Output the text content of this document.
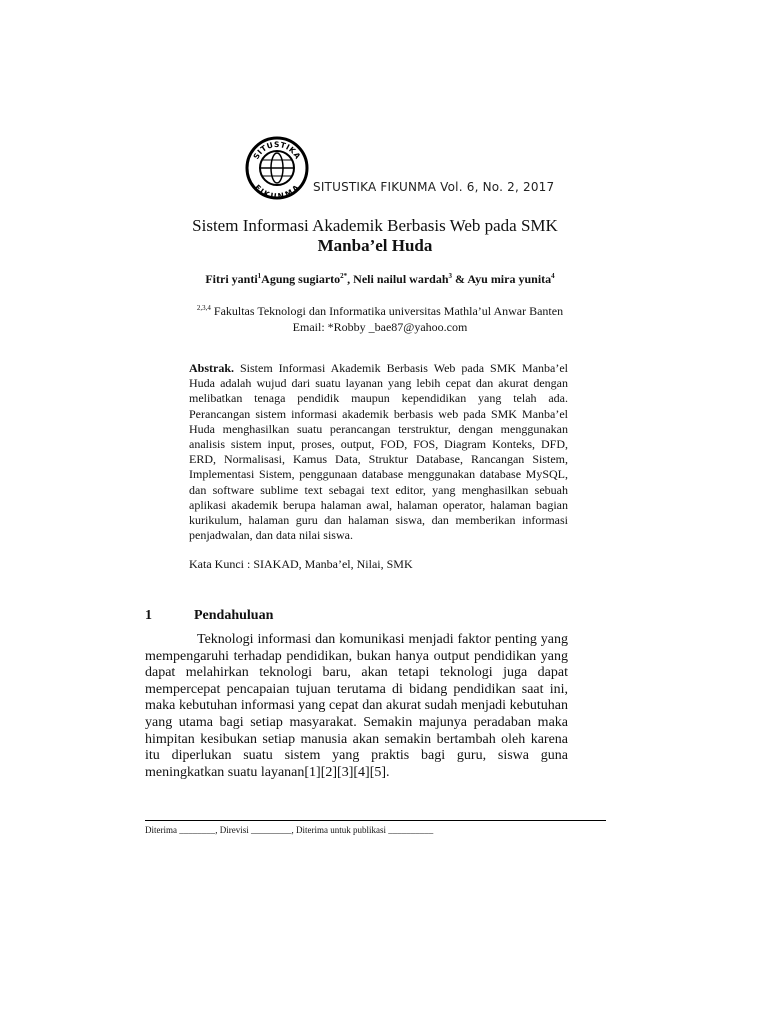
SITUSTIKA
FIKUNMA SITUSTIKA FIKUNMA Vol. 6, No. 2, 2017
Sistem Informasi Akademik Berbasis Web pada SMK
Manba’el Huda
Fitri yanti$^1$Agung sugiarto$^{2*}$, Neli nailul wardah$^3$ & Ayu mira yunita$^4$
$^{2,3,4}$ Fakultas Teknologi dan Informatika universitas Mathla’ul Anwar Banten
Email: *Robby _bae87@yahoo.com
Abstrak. Sistem Informasi Akademik Berbasis Web pada SMK Manba’el Huda adalah wujud dari suatu layanan yang lebih cepat dan akurat dengan melibatkan tenaga pendidik maupun kependidikan yang telah ada. Perancangan sistem informasi akademik berbasis web pada SMK Manba’el Huda menghasilkan suatu perancangan terstruktur, dengan menggunakan analisis sistem input, proses, output, FOD, FOS, Diagram Konteks, DFD, ERD, Normalisasi, Kamus Data, Struktur Database, Rancangan Sistem, Implementasi Sistem, penggunaan database menggunakan database MySQL, dan software sublime text sebagai text editor, yang menghasilkan sebuah aplikasi akademik berupa halaman awal, halaman operator, halaman bagian kurikulum, halaman guru dan halaman siswa, dan memberikan informasi penjadwalan, dan data nilai siswa.
Kata Kunci : SIAKAD, Manba’el, Nilai, SMK
1	Pendahuluan
Teknologi informasi dan komunikasi menjadi faktor penting yang mempengaruhi terhadap pendidikan, bukan hanya output pendidikan yang dapat melahirkan teknologi baru, akan tetapi teknologi juga dapat mempercepat pencapaian tujuan terutama di bidang pendidikan saat ini, maka kebutuhan informasi yang cepat dan akurat sudah menjadi kebutuhan yang utama bagi setiap masyarakat. Semakin majunya peradaban maka himpitan kesibukan setiap manusia akan semakin bertambah oleh karena itu diperlukan suatu sistem yang praktis bagi guru, siswa guna meningkatkan suatu layanan[1][2][3][4][5].
Diterima ________, Direvisi _________, Diterima untuk publikasi __________
